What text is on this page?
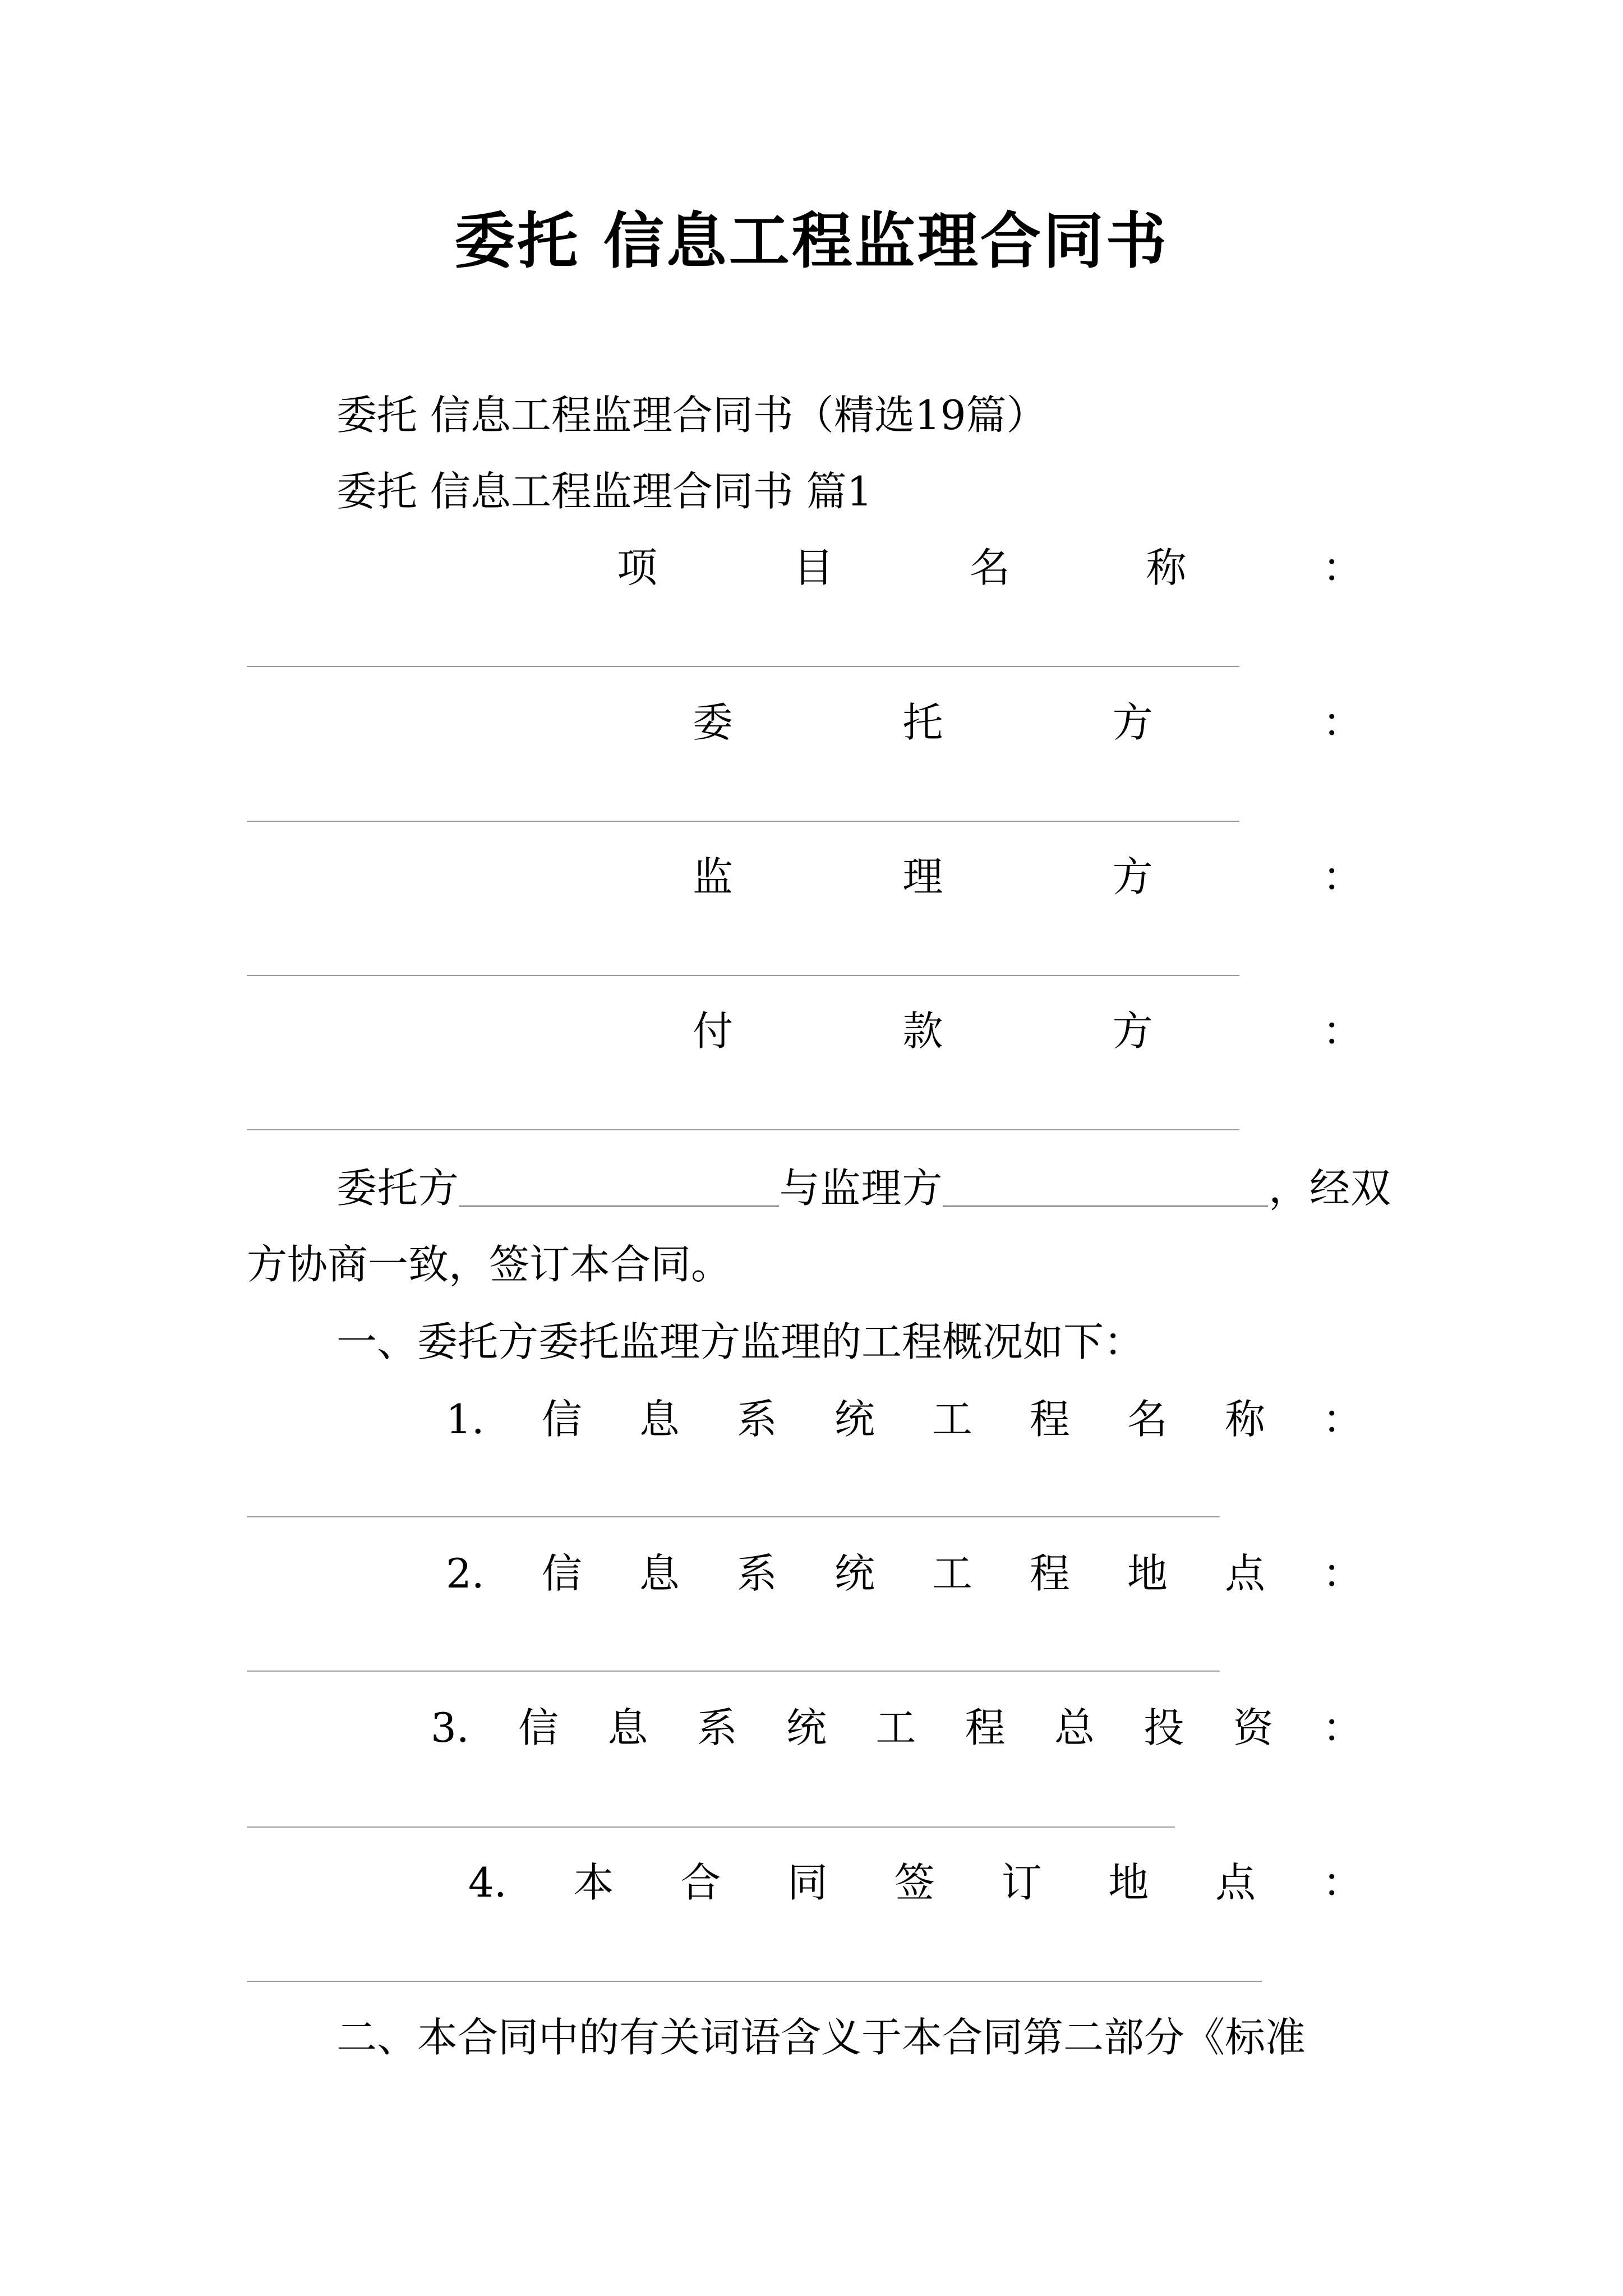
委托 信息工程监理合同书
委托 信息工程监理合同书（精选19篇）
委托 信息工程监理合同书 篇1
项	目	名	称	：
委	托	方	：
监	理	方	：
付	款	方	：
委托方	与监理方	，经双方协商一致，签订本合同。
一、委托方委托监理方监理的工程概况如下：
1. 信 息 系 统 工 程 名 称 ：
2. 信 息 系 统 工 程 地 点 ：
3. 信 息 系 统 工 程 总 投 资 ：
4. 本 合 同 签 订 地 点 ：
二、本合同中的有关词语含义于本合同第二部分《标准
